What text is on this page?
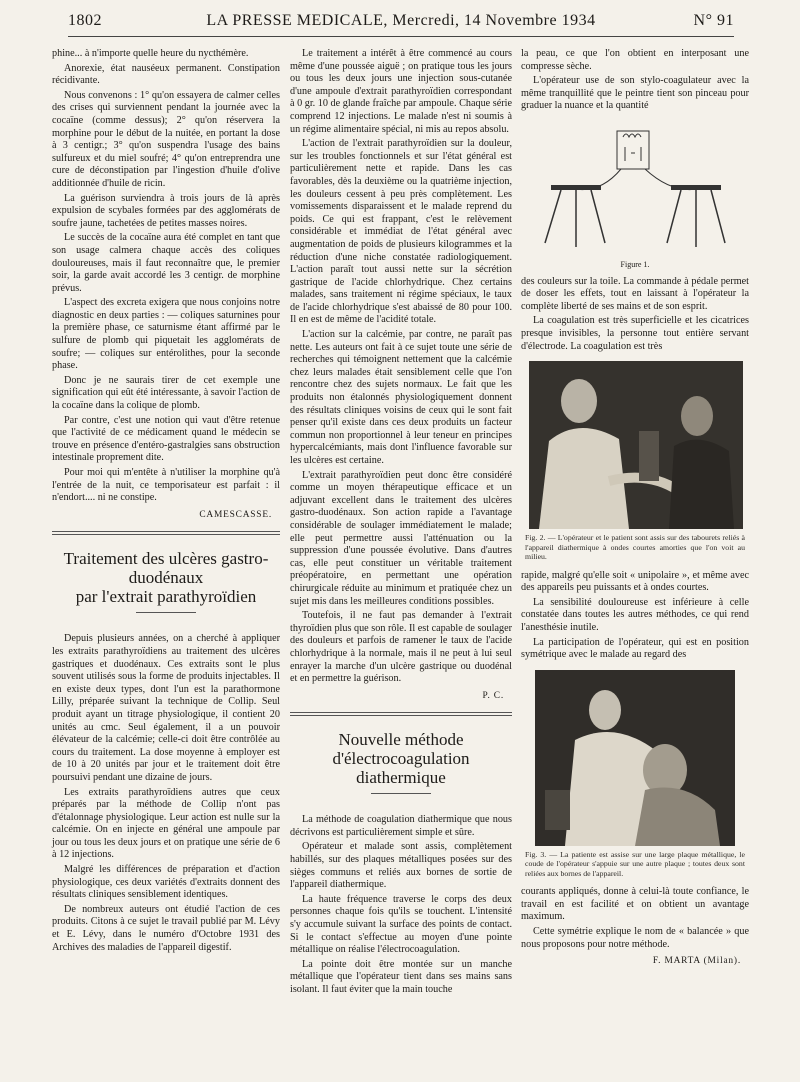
1802	LA PRESSE MEDICALE, Mercredi, 14 Novembre 1934	N° 91

phine... à n'importe quelle heure du nycthémère.

Anorexie, état nauséeux permanent. Constipation récidivante.

Nous convenons : 1° qu'on essayera de calmer celles des crises qui surviennent pendant la journée avec la cocaïne (comme dessus); 2° qu'on réservera la morphine pour le début de la nuitée, en portant la dose à 3 centigr.; 3° qu'on suspendra l'usage des bains sulfureux et du miel soufré; 4° qu'on entreprendra une cure de déconstipation par l'ingestion d'huile d'olive additionnée d'huile de ricin.

La guérison surviendra à trois jours de là après expulsion de scybales formées par des agglomérats de soufre jaune, tachetées de petites masses noires.

Le succès de la cocaïne aura été complet en tant que son usage calmera chaque accès des coliques douloureuses, mais il faut reconnaître que, le premier soir, la garde avait accordé les 3 centigr. de morphine prévus.

L'aspect des excreta exigera que nous conjoins notre diagnostic en deux parties : — coliques saturnines pour la première phase, ce saturnisme étant affirmé par le sulfure de plomb qui piquetait les agglomérats de soufre; — coliques sur entérolithes, pour la seconde phase.

Donc je ne saurais tirer de cet exemple une signification qui eût été intéressante, à savoir l'action de la cocaïne dans la colique de plomb.

Par contre, c'est une notion qui vaut d'être retenue que l'activité de ce médicament quand le médecin se trouve en présence d'entéro-gastralgies sans obstruction intestinale proprement dite.

Pour moi qui m'entête à n'utiliser la morphine qu'à l'entrée de la nuit, ce temporisateur est parfait : il n'endort.... ni ne constipe.

CAMESCASSE.

Traitement des ulcères gastro-duodénaux
par l'extrait parathyroïdien

Depuis plusieurs années, on a cherché à appliquer les extraits parathyroïdiens au traitement des ulcères gastriques et duodénaux. Ces extraits sont le plus souvent utilisés sous la forme de produits injectables. Il en existe deux types, dont l'un est la parathormone Lilly, préparée suivant la technique de Collip. Seul produit ayant un titrage physiologique, il contient 20 unités au cmc. Seul également, il a un pouvoir élévateur de la calcémie; celle-ci doit être contrôlée au cours du traitement. La dose moyenne à employer est de 10 à 20 unités par jour et le traitement doit être poursuivi pendant une dizaine de jours.

Les extraits parathyroïdiens autres que ceux préparés par la méthode de Collip n'ont pas d'étalonnage physiologique. Leur action est nulle sur la calcémie. On en injecte en général une ampoule par jour ou tous les deux jours et on pratique une série de 6 à 12 injections.

Malgré les différences de préparation et d'action physiologique, ces deux variétés d'extraits donnent des résultats cliniques sensiblement identiques.

De nombreux auteurs ont étudié l'action de ces produits. Citons à ce sujet le travail publié par M. Lévy et E. Lévy, dans le numéro d'Octobre 1931 des Archives des maladies de l'appareil digestif.

Le traitement a intérêt à être commencé au cours même d'une poussée aiguë ; on pratique tous les jours ou tous les deux jours une injection sous-cutanée d'une ampoule d'extrait parathyroïdien correspondant à 0 gr. 10 de glande fraîche par ampoule. Chaque série comprend 12 injections. Le malade n'est ni soumis à un régime alimentaire spécial, ni mis au repos absolu.

L'action de l'extrait parathyroïdien sur la douleur, sur les troubles fonctionnels et sur l'état général est particulièrement nette et rapide. Dans les cas favorables, dès la deuxième ou la quatrième injection, les douleurs cessent à peu près complètement. Les vomissements disparaissent et le malade reprend du poids. Ce qui est frappant, c'est le relèvement considérable et immédiat de l'état général avec augmentation de poids de plusieurs kilogrammes et la réduction d'une niche constatée radiologiquement. L'action paraît tout aussi nette sur la sécrétion gastrique de l'acide chlorhydrique. Chez certains malades, sans traitement ni régime spéciaux, le taux de l'acide chlorhydrique s'est abaissé de 80 pour 100. Il en est de même de l'acidité totale.

L'action sur la calcémie, par contre, ne paraît pas nette. Les auteurs ont fait à ce sujet toute une série de recherches qui témoignent nettement que la calcémie chez leurs malades était sensiblement celle que l'on rencontre chez des sujets normaux. Le fait que les produits non étalonnés physiologiquement donnent des résultats cliniques voisins de ceux qui le sont fait penser qu'il existe dans ces deux produits un facteur commun non proportionnel à leur teneur en principes hypercalcémiants, mais dont l'influence favorable sur les ulcères est certaine.

L'extrait parathyroïdien peut donc être considéré comme un moyen thérapeutique efficace et un adjuvant excellent dans le traitement des ulcères gastro-duodénaux. Son action rapide a l'avantage considérable de soulager immédiatement le malade; elle peut permettre aussi l'atténuation ou la suppression d'une poussée évolutive. Dans d'autres cas, elle peut constituer un véritable traitement préopératoire, en permettant une opération chirurgicale réduite au minimum et pratiquée chez un sujet mis dans les meilleures conditions possibles.

Toutefois, il ne faut pas demander à l'extrait thyroïdien plus que son rôle. Il est capable de soulager des douleurs et parfois de ramener le taux de l'acide chlorhydrique à la normale, mais il ne peut à lui seul enrayer la marche d'un ulcère gastrique ou duodénal et en permettre la guérison.

P. C.

Nouvelle méthode
d'électrocoagulation diathermique

La méthode de coagulation diathermique que nous décrivons est particulièrement simple et sûre.

Opérateur et malade sont assis, complètement habillés, sur des plaques métalliques posées sur des sièges communs et reliés aux bornes de sortie de l'appareil diathermique.

La haute fréquence traverse le corps des deux personnes chaque fois qu'ils se touchent. L'intensité s'y accumule suivant la surface des points de contact. Si le contact s'effectue au moyen d'une pointe métallique on réalise l'électrocoagulation.

La pointe doit être montée sur un manche métallique que l'opérateur tient dans ses mains sans isolant. Il faut éviter que la main touche

la peau, ce que l'on obtient en interposant une compresse sèche.

L'opérateur use de son stylo-coagulateur avec la même tranquillité que le peintre tient son pinceau pour graduer la nuance et la quantité

Figure 1.

des couleurs sur la toile. La commande à pédale permet de doser les effets, tout en laissant à l'opérateur la complète liberté de ses mains et de son esprit.

La coagulation est très superficielle et les cicatrices presque invisibles, la personne tout entière servant d'électrode. La coagulation est très

Fig. 2. — L'opérateur et le patient sont assis sur des tabourets reliés à l'appareil diathermique à ondes courtes amorties que l'on voit au milieu.

rapide, malgré qu'elle soit « unipolaire », et même avec des appareils peu puissants et à ondes courtes.

La sensibilité douloureuse est inférieure à celle constatée dans toutes les autres méthodes, ce qui rend l'anesthésie inutile.

La participation de l'opérateur, qui est en position symétrique avec le malade au regard des

Fig. 3. — La patiente est assise sur une large plaque métallique, le coude de l'opérateur s'appuie sur une autre plaque ; toutes deux sont reliées aux bornes de l'appareil.

courants appliqués, donne à celui-là toute confiance, le travail en est facilité et on obtient un avantage maximum.

Cette symétrie explique le nom de « balancée » que nous proposons pour notre méthode.

F. MARTA (Milan).
